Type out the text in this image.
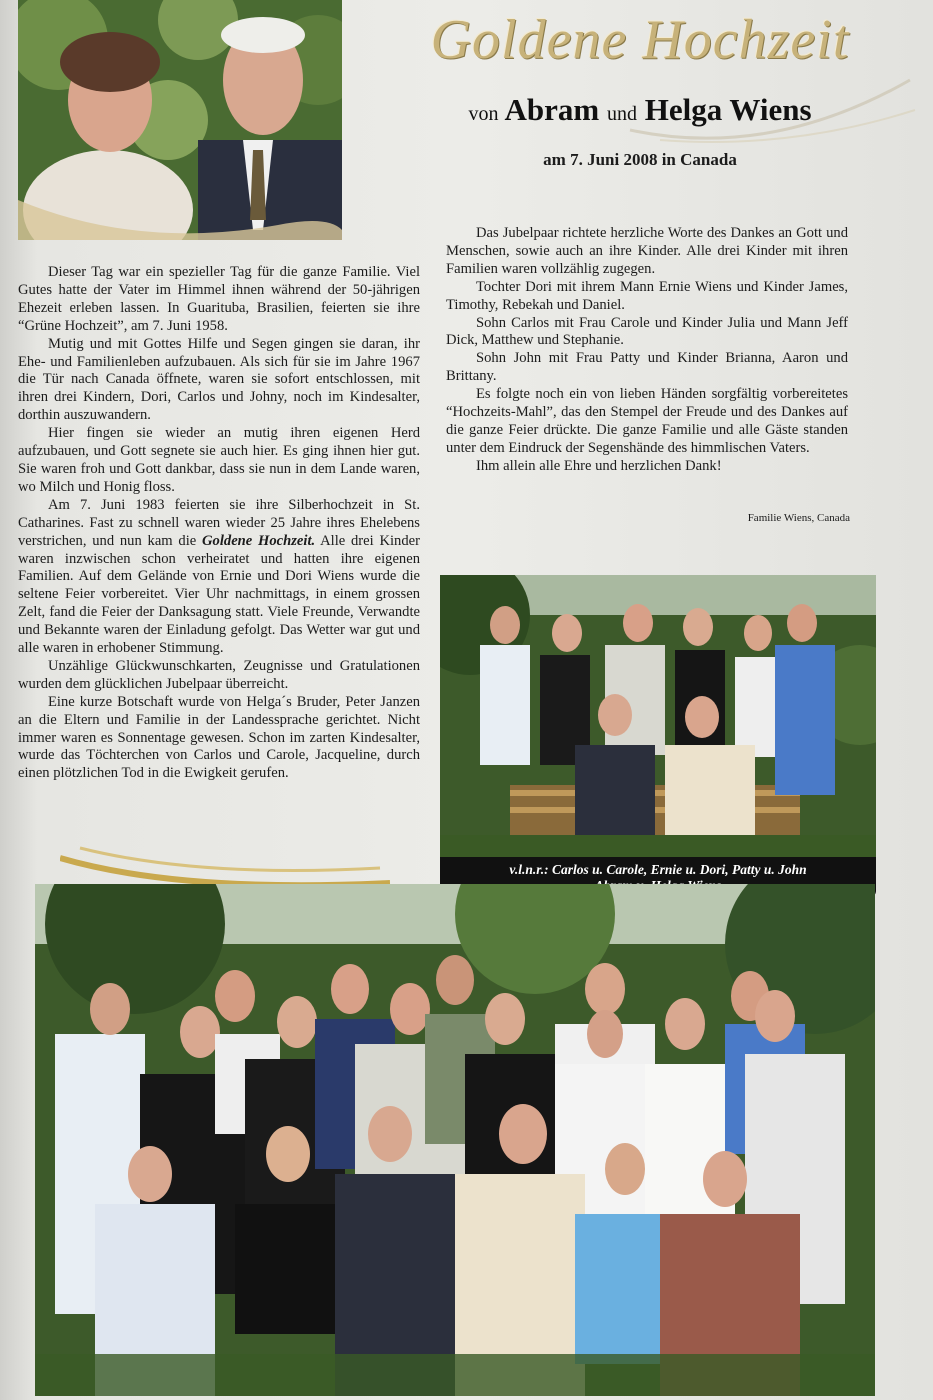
Goldene Hochzeit
von Abram und Helga Wiens
am 7. Juni 2008 in Canada

Dieser Tag war ein spezieller Tag für die ganze Familie. Viel Gutes hatte der Vater im Himmel ihnen während der 50-jährigen Ehezeit erleben lassen. In Guarituba, Brasilien, feierten sie ihre “Grüne Hochzeit”, am 7. Juni 1958.

Mutig und mit Gottes Hilfe und Segen gingen sie daran, ihr Ehe- und Familienleben aufzubauen. Als sich für sie im Jahre 1967 die Tür nach Canada öffnete, waren sie sofort entschlossen, mit ihren drei Kindern, Dori, Carlos und Johny, noch im Kindesalter, dorthin auszuwandern.

Hier fingen sie wieder an mutig ihren eigenen Herd aufzubauen, und Gott segnete sie auch hier. Es ging ihnen hier gut. Sie waren froh und Gott dankbar, dass sie nun in dem Lande waren, wo Milch und Honig floss.

Am 7. Juni 1983 feierten sie ihre Silberhochzeit in St. Catharines. Fast zu schnell waren wieder 25 Jahre ihres Ehelebens verstrichen, und nun kam die Goldene Hochzeit. Alle drei Kinder waren inzwischen schon verheiratet und hatten ihre eigenen Familien. Auf dem Gelände von Ernie und Dori Wiens wurde die seltene Feier vorbereitet. Vier Uhr nachmittags, in einem grossen Zelt, fand die Feier der Danksagung statt. Viele Freunde, Verwandte und Bekannte waren der Einladung gefolgt. Das Wetter war gut und alle waren in erhobener Stimmung.

Unzählige Glückwunschkarten, Zeugnisse und Gratulationen wurden dem glücklichen Jubelpaar überreicht.

Eine kurze Botschaft wurde von Helga´s Bruder, Peter Janzen an die Eltern und Familie in der Landessprache gerichtet. Nicht immer waren es Sonnentage gewesen. Schon im zarten Kindesalter, wurde das Töchterchen von Carlos und Carole, Jacqueline, durch einen plötzlichen Tod in die Ewigkeit gerufen.

Das Jubelpaar richtete herzliche Worte des Dankes an Gott und Menschen, sowie auch an ihre Kinder. Alle drei Kinder mit ihren Familien waren vollzählig zugegen.

Tochter Dori mit ihrem Mann Ernie Wiens und Kinder James, Timothy, Rebekah und Daniel.

Sohn Carlos mit Frau Carole und Kinder Julia und Mann Jeff Dick, Matthew und Stephanie.

Sohn John mit Frau Patty und Kinder Brianna, Aaron und Brittany.

Es folgte noch ein von lieben Händen sorgfältig vorbereitetes “Hochzeits-Mahl”, das den Stempel der Freude und des Dankes auf die ganze Feier drückte. Die ganze Familie und alle Gäste standen unter dem Eindruck der Segenshände des himmlischen Vaters.

Ihm allein alle Ehre und herzlichen Dank!

Familie Wiens, Canada
v.l.n.r.: Carlos u. Carole, Ernie u. Dori, Patty u. John
